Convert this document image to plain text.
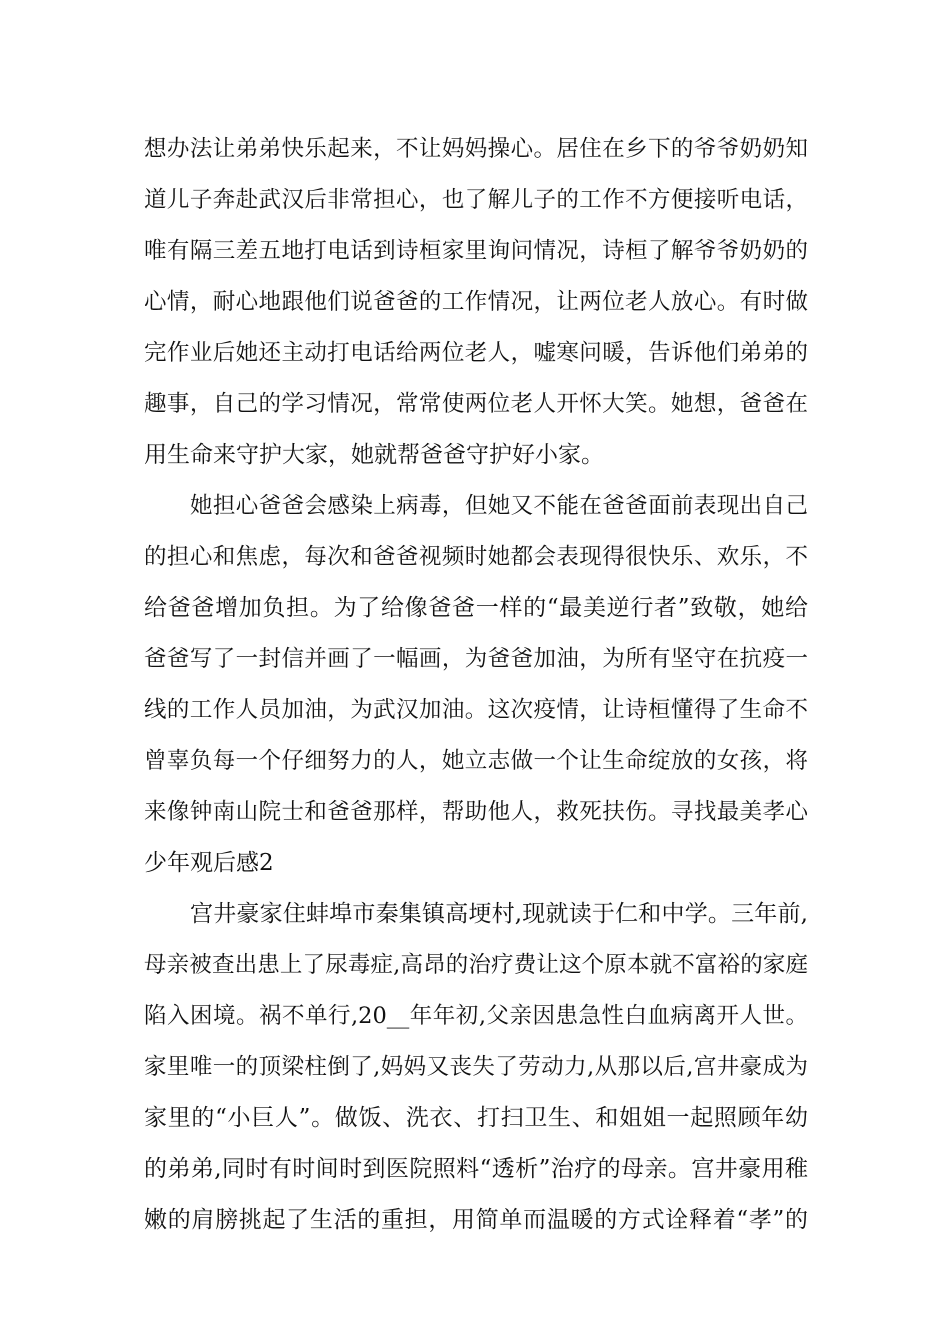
想办法让弟弟快乐起来，不让妈妈操心。居住在乡下的爷爷奶奶知
道儿子奔赴武汉后非常担心，也了解儿子的工作不方便接听电话，
唯有隔三差五地打电话到诗桓家里询问情况，诗桓了解爷爷奶奶的
心情，耐心地跟他们说爸爸的工作情况，让两位老人放心。有时做
完作业后她还主动打电话给两位老人，嘘寒问暖，告诉他们弟弟的
趣事，自己的学习情况，常常使两位老人开怀大笑。她想，爸爸在
用生命来守护大家，她就帮爸爸守护好小家。
她担心爸爸会感染上病毒，但她又不能在爸爸面前表现出自己
的担心和焦虑，每次和爸爸视频时她都会表现得很快乐、欢乐，不
给爸爸增加负担。为了给像爸爸一样的“最美逆行者”致敬，她给
爸爸写了一封信并画了一幅画，为爸爸加油，为所有坚守在抗疫一
线的工作人员加油，为武汉加油。这次疫情，让诗桓懂得了生命不
曾辜负每一个仔细努力的人，她立志做一个让生命绽放的女孩，将
来像钟南山院士和爸爸那样，帮助他人，救死扶伤。寻找最美孝心
少年观后感2
宫井豪家住蚌埠市秦集镇高埂村,现就读于仁和中学。三年前,
母亲被查出患上了尿毒症,高昂的治疗费让这个原本就不富裕的家庭
陷入困境。祸不单行,20__年年初,父亲因患急性白血病离开人世。
家里唯一的顶梁柱倒了,妈妈又丧失了劳动力,从那以后,宫井豪成为
家里的“小巨人”。做饭、洗衣、打扫卫生、和姐姐一起照顾年幼
的弟弟,同时有时间时到医院照料“透析”治疗的母亲。宫井豪用稚
嫩的肩膀挑起了生活的重担，用简单而温暖的方式诠释着“孝”的
